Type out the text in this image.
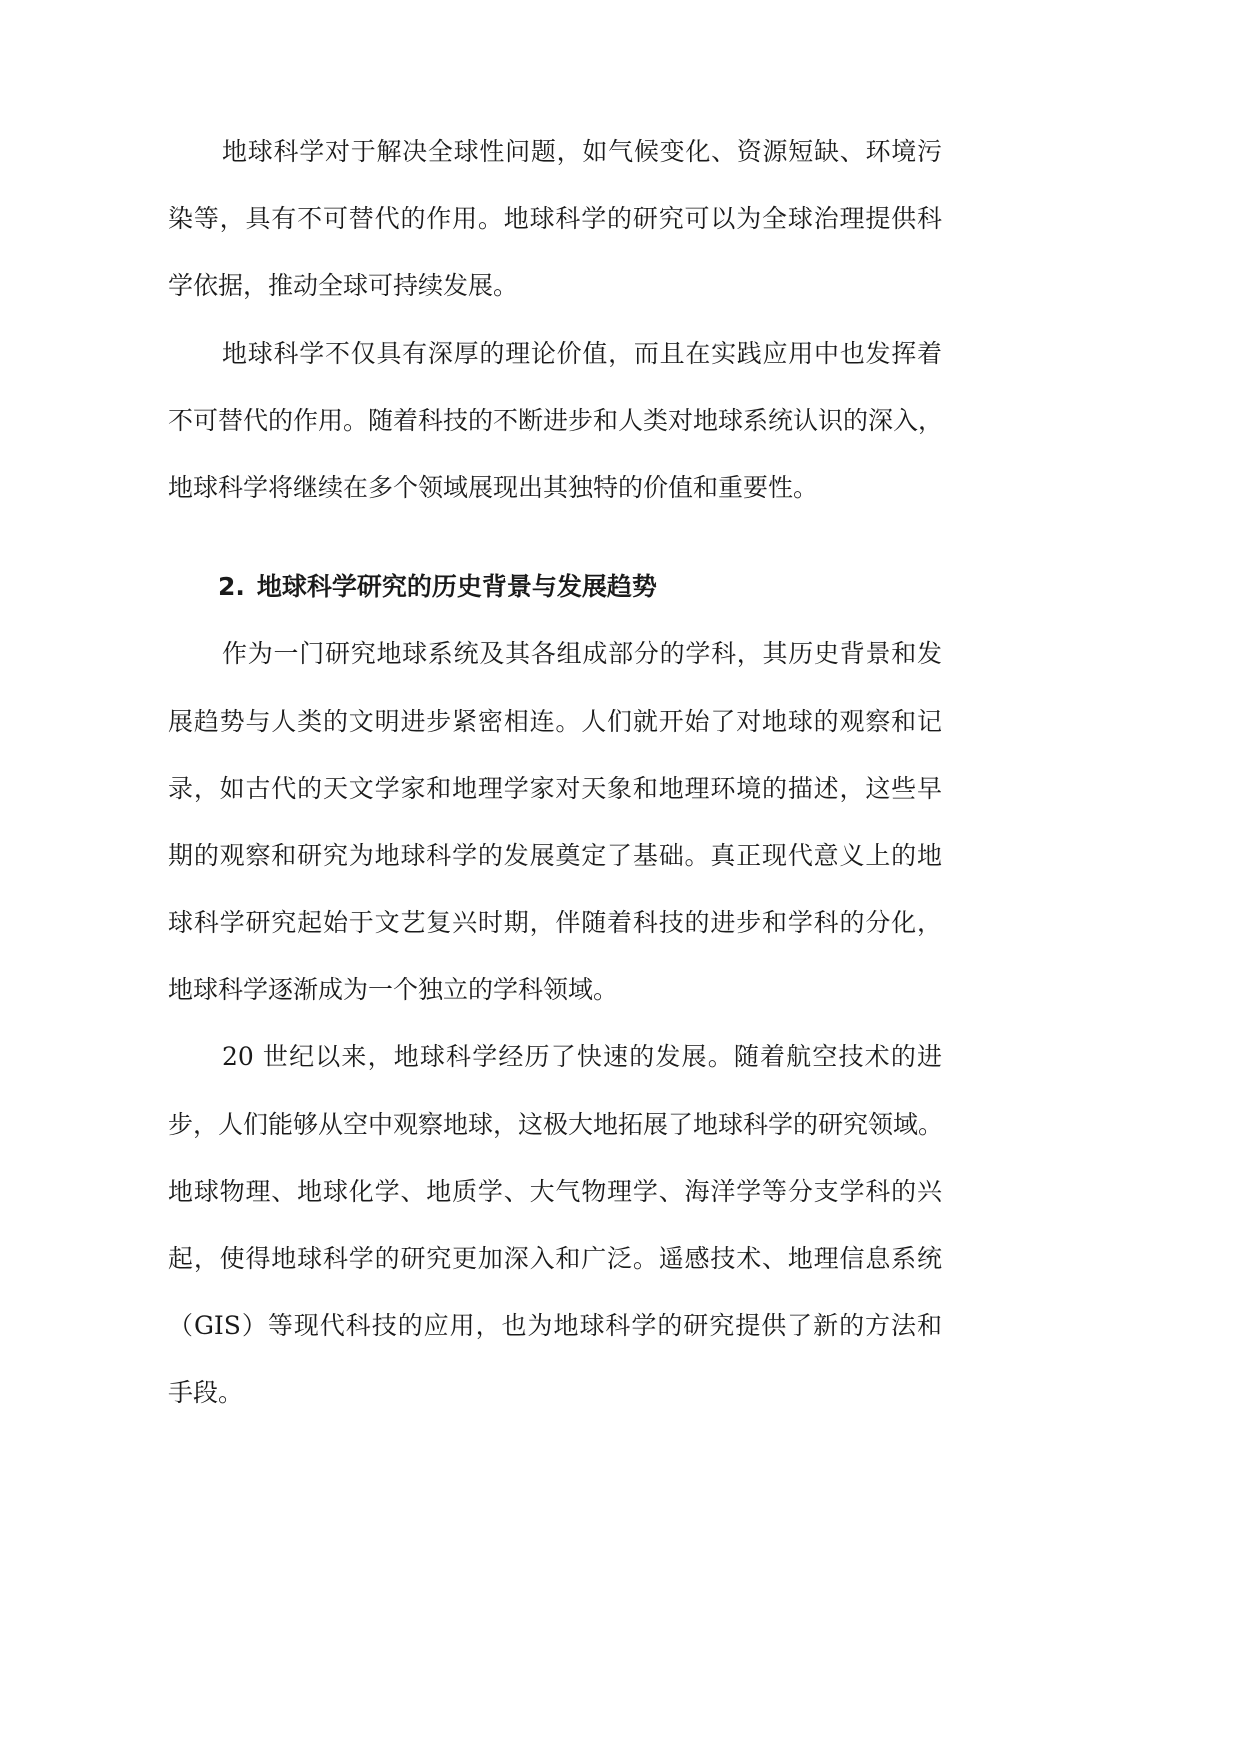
地球科学对于解决全球性问题，如气候变化、资源短缺、环境污
染等，具有不可替代的作用。地球科学的研究可以为全球治理提供科
学依据，推动全球可持续发展。
地球科学不仅具有深厚的理论价值，而且在实践应用中也发挥着
不可替代的作用。随着科技的不断进步和人类对地球系统认识的深入，
地球科学将继续在多个领域展现出其独特的价值和重要性。
2. 地球科学研究的历史背景与发展趋势
作为一门研究地球系统及其各组成部分的学科，其历史背景和发
展趋势与人类的文明进步紧密相连。人们就开始了对地球的观察和记
录，如古代的天文学家和地理学家对天象和地理环境的描述，这些早
期的观察和研究为地球科学的发展奠定了基础。真正现代意义上的地
球科学研究起始于文艺复兴时期，伴随着科技的进步和学科的分化，
地球科学逐渐成为一个独立的学科领域。
20 世纪以来，地球科学经历了快速的发展。随着航空技术的进
步，人们能够从空中观察地球，这极大地拓展了地球科学的研究领域。
地球物理、地球化学、地质学、大气物理学、海洋学等分支学科的兴
起，使得地球科学的研究更加深入和广泛。遥感技术、地理信息系统
（GIS）等现代科技的应用，也为地球科学的研究提供了新的方法和
手段。
